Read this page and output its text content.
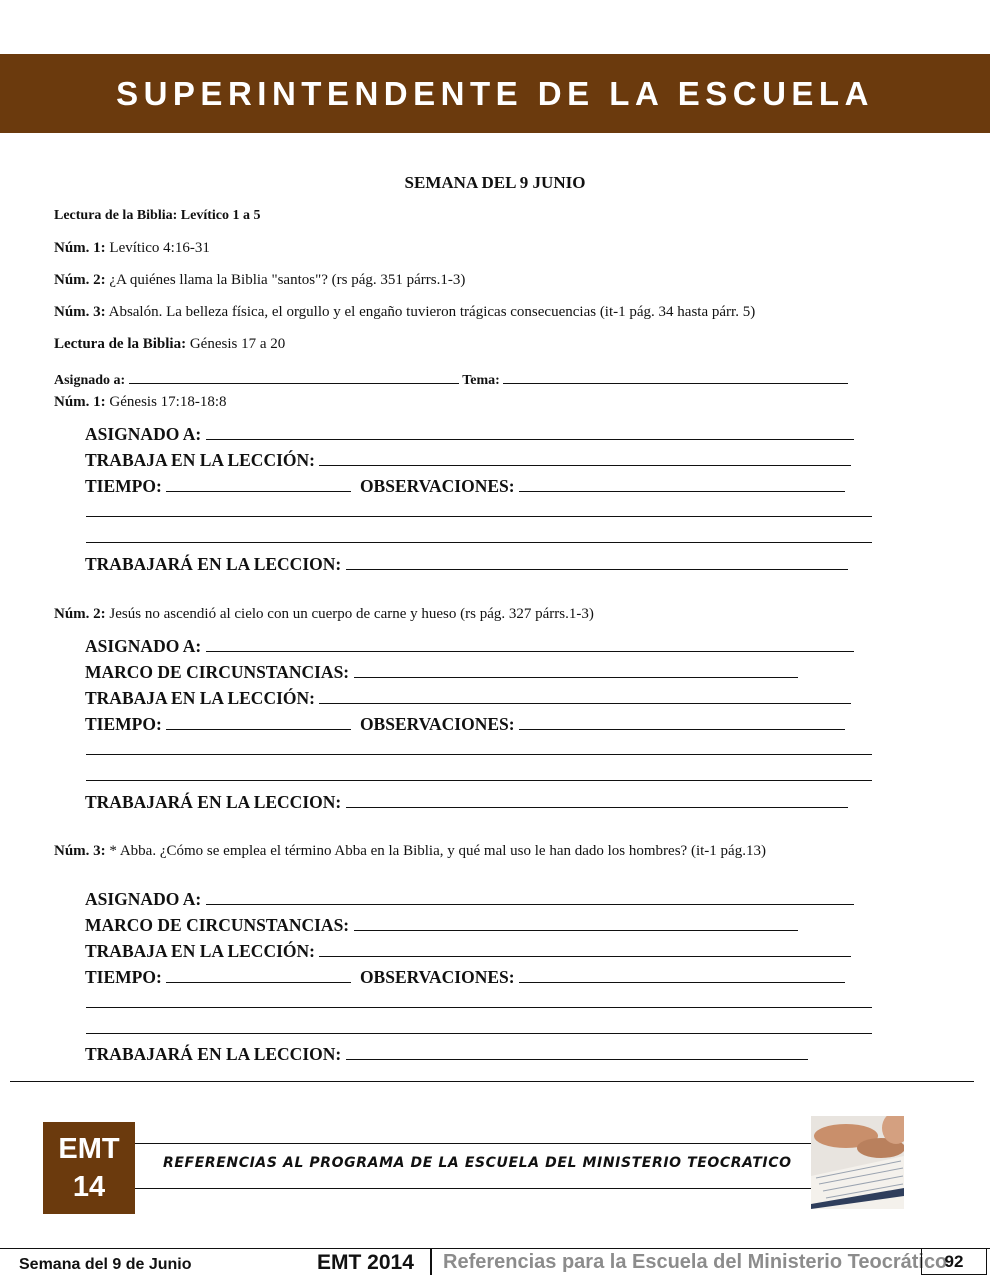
SUPERINTENDENTE DE LA ESCUELA
SEMANA DEL 9 JUNIO
Lectura de la Biblia: Levítico 1 a 5
Núm. 1: Levítico 4:16-31
Núm. 2: ¿A quiénes llama la Biblia "santos"? (rs pág. 351 párrs.1-3)
Núm. 3: Absalón. La belleza física, el orgullo y el engaño tuvieron trágicas consecuencias (it-1 pág. 34 hasta párr. 5)
Lectura de la Biblia: Génesis 17 a 20
Asignado a:	Tema:
Núm. 1: Génesis 17:18-18:8
ASIGNADO A:
TRABAJA EN LA LECCIÓN:
TIEMPO:	OBSERVACIONES:
TRABAJARÁ EN LA LECCION:
Núm. 2: Jesús no ascendió al cielo con un cuerpo de carne y hueso (rs pág. 327 párrs.1-3)
ASIGNADO A:
MARCO DE CIRCUNSTANCIAS:
TRABAJA EN LA LECCIÓN:
TIEMPO:	OBSERVACIONES:
TRABAJARÁ EN LA LECCION:
Núm. 3: * Abba. ¿Cómo se emplea el término Abba en la Biblia, y qué mal uso le han dado los hombres? (it-1 pág.13)
ASIGNADO A:
MARCO DE CIRCUNSTANCIAS:
TRABAJA EN LA LECCIÓN:
TIEMPO:	OBSERVACIONES:
TRABAJARÁ EN LA LECCION:
EMT
14
REFERENCIAS AL PROGRAMA DE LA ESCUELA DEL MINISTERIO TEOCRATICO
Semana del 9 de Junio	EMT 2014 Referencias para la Escuela del Ministerio Teocrático
92
